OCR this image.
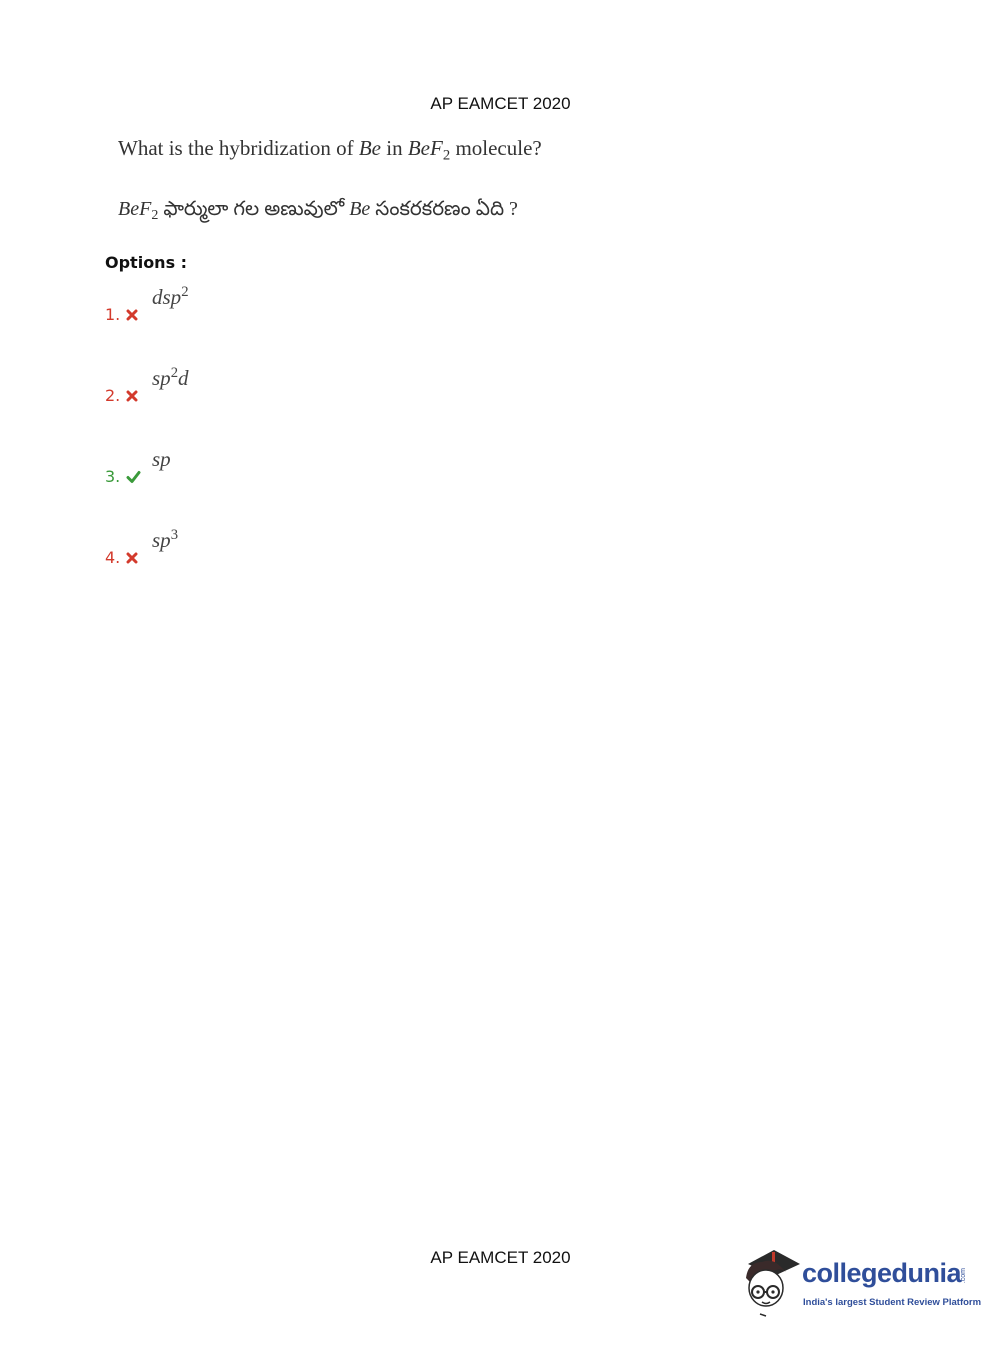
AP EAMCET 2020
What is the hybridization of Be in BeF$_2$ molecule?
BeF$_2$ ఫార్ములా గల అణువులో Be సంకరకరణం ఏది ?
Options :
1.
dsp$^2$
2.
$sp^2d$
3.
sp
4.
$sp^3$
AP EAMCET 2020
collegedunia
.com
India's largest Student Review Platform
